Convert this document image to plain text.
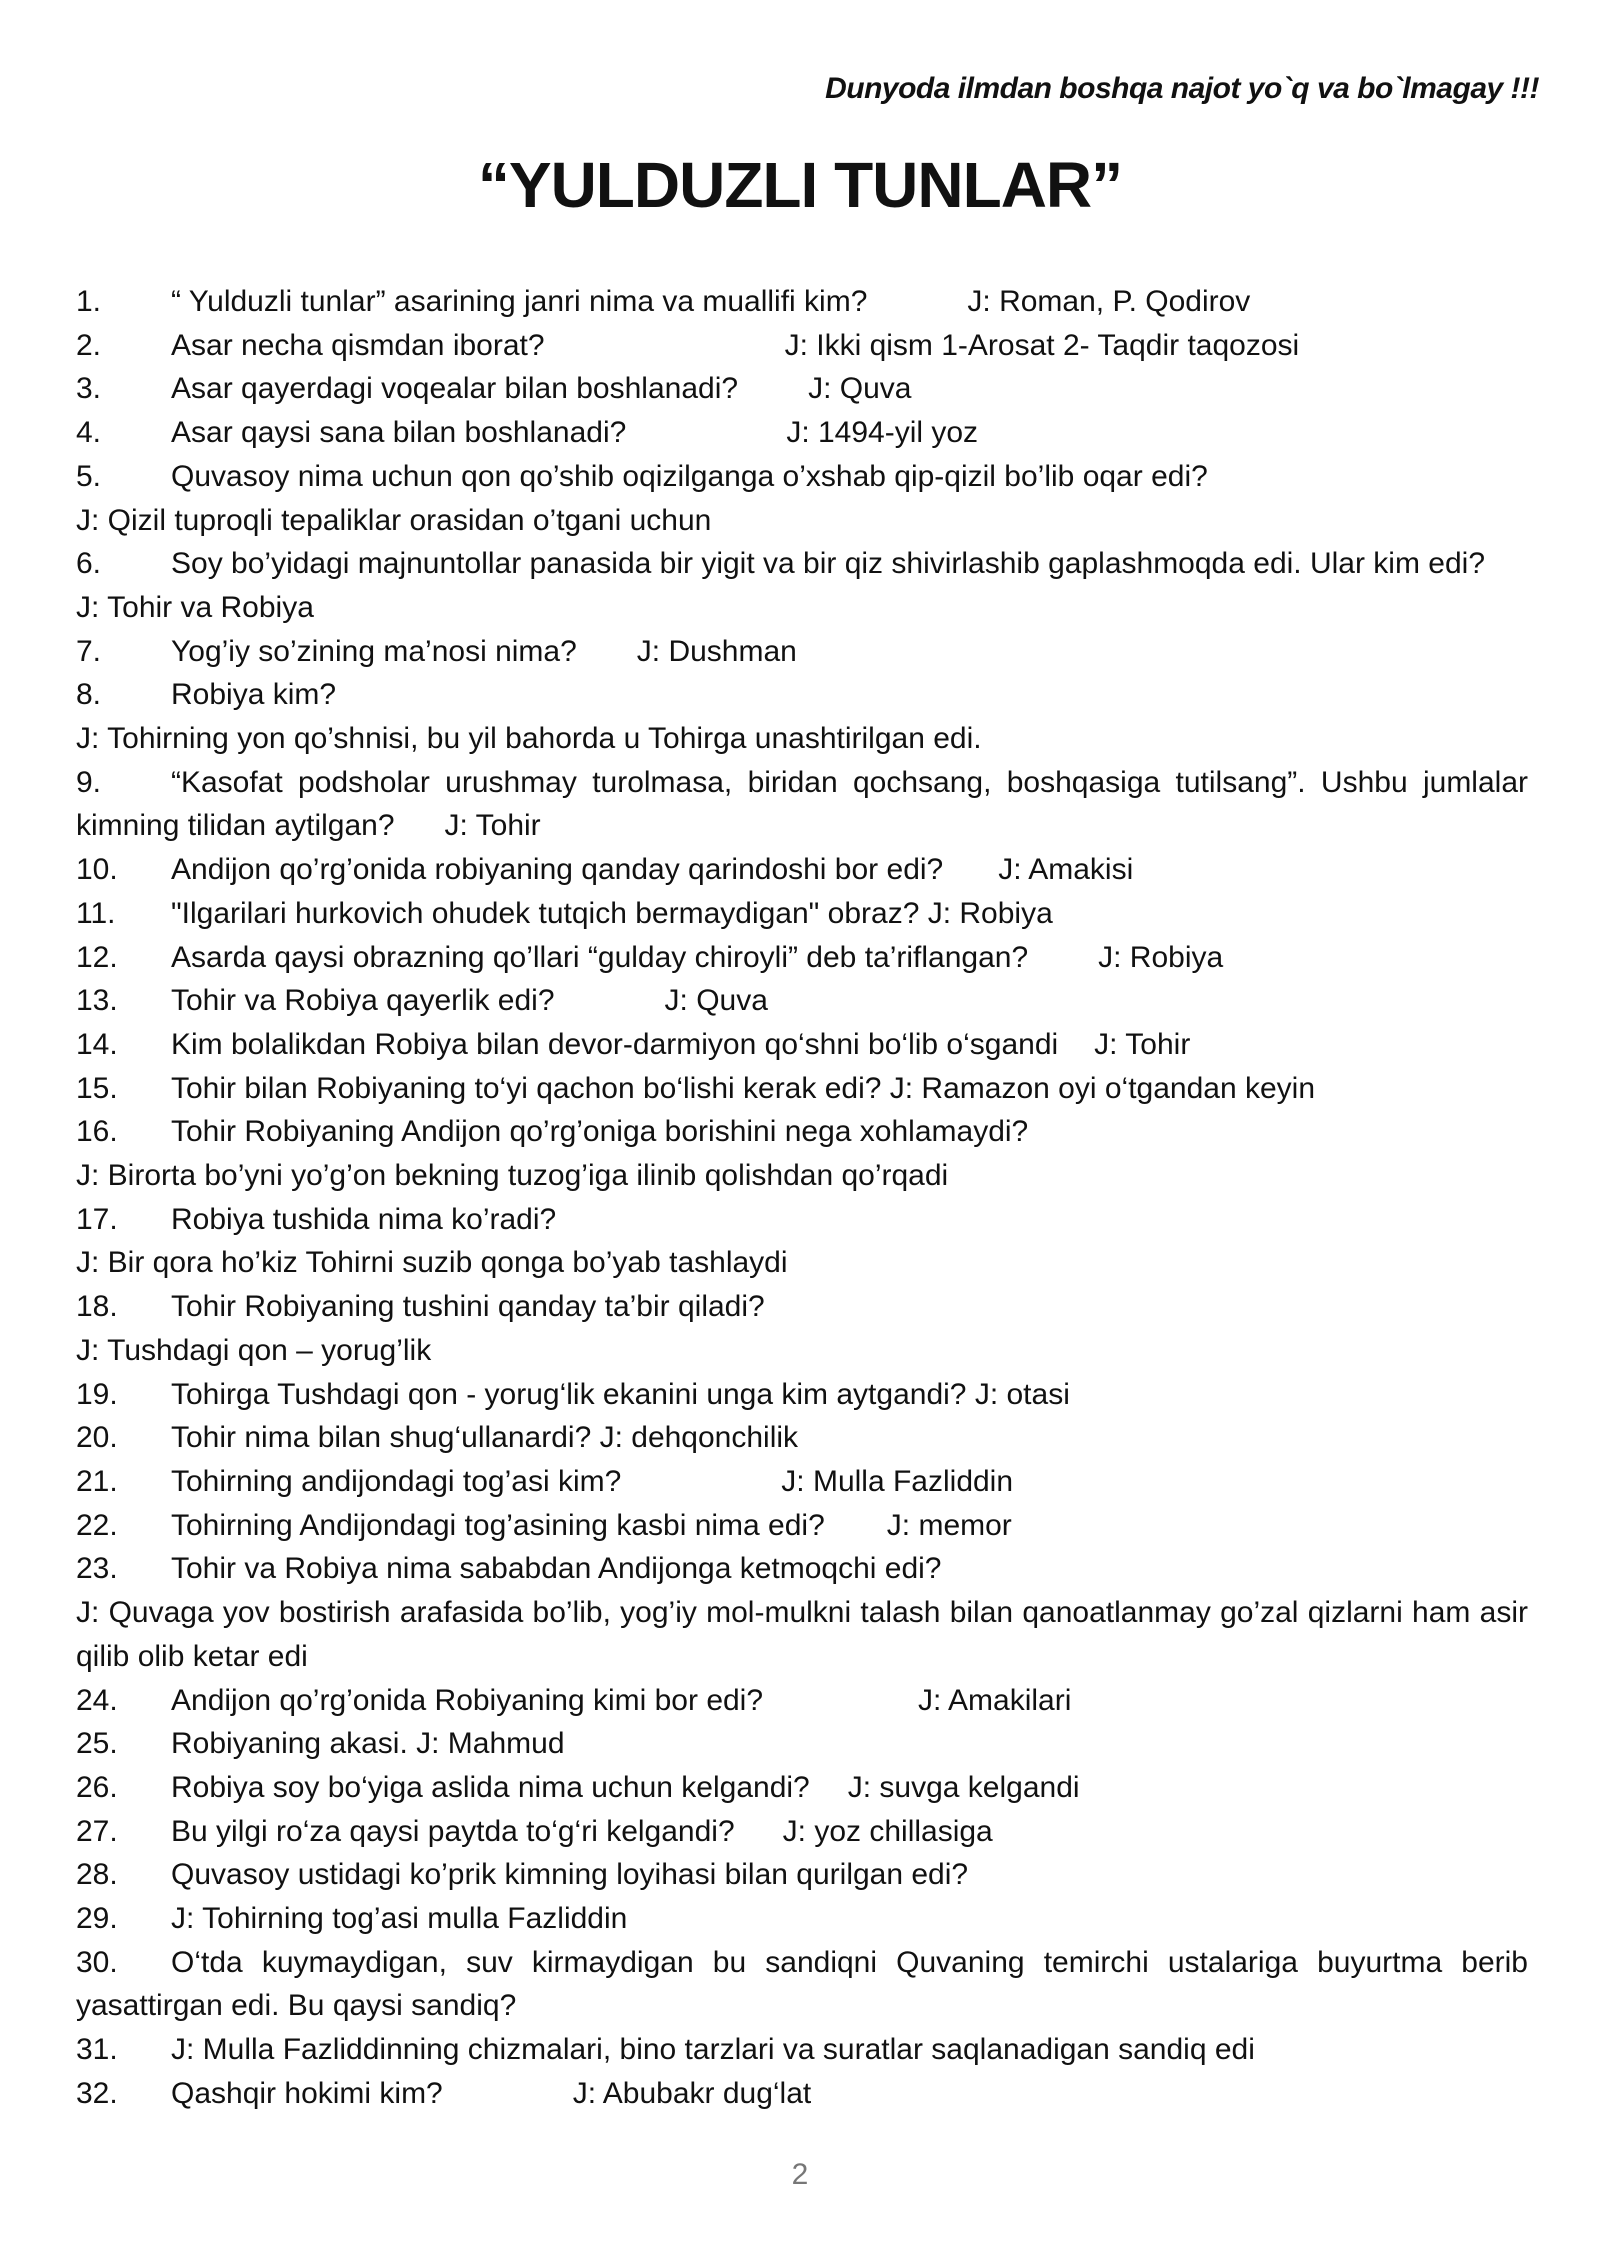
Dunyoda ilmdan boshqa najot yo`q va bo`lmagay !!!
“YULDUZLI TUNLAR”
1. “ Yulduzli tunlar” asarining janri nima va muallifi kim?	J: Roman, P. Qodirov
2. Asar necha qismdan iborat?	J: Ikki qism 1-Arosat 2- Taqdir taqozosi
3. Asar qayerdagi voqealar bilan boshlanadi? J: Quva
4. Asar qaysi sana bilan boshlanadi?	J: 1494-yil yoz
5. Quvasoy nima uchun qon qo’shib oqizilganga o’xshab qip-qizil bo’lib oqar edi?
J: Qizil tuproqli tepaliklar orasidan o’tgani uchun
6. Soy bo’yidagi majnuntollar panasida bir yigit va bir qiz shivirlashib gaplashmoqda edi. Ular kim edi?
J: Tohir va Robiya
7. Yog’iy so’zining ma’nosi nima? J: Dushman
8. Robiya kim?
J: Tohirning yon qo’shnisi, bu yil bahorda u Tohirga unashtirilgan edi.
9. “Kasofat podsholar urushmay turolmasa, biridan qochsang, boshqasiga tutilsang”. Ushbu jumlalar kimning tilidan aytilgan? J: Tohir
10. Andijon qo’rg’onida robiyaning qanday qarindoshi bor edi? J: Amakisi
11. "Ilgarilari hurkovich ohudek tutqich bermaydigan" obraz? J: Robiya
12. Asarda qaysi obrazning qo’llari “gulday chiroyli” deb ta’riflangan? J: Robiya
13. Tohir va Robiya qayerlik edi?	J: Quva
14. Kim bolalikdan Robiya bilan devor-darmiyon qo‘shni bo‘lib o‘sgandi J: Tohir
15. Tohir bilan Robiyaning to‘yi qachon bo‘lishi kerak edi? J: Ramazon oyi o‘tgandan keyin
16. Tohir Robiyaning Andijon qo’rg’oniga borishini nega xohlamaydi?
J: Birorta bo’yni yo’g’on bekning tuzog’iga ilinib qolishdan qo’rqadi
17. Robiya tushida nima ko’radi?
J: Bir qora ho’kiz Tohirni suzib qonga bo’yab tashlaydi
18. Tohir Robiyaning tushini qanday ta’bir qiladi?
J: Tushdagi qon – yorug’lik
19. Tohirga Tushdagi qon - yorug‘lik ekanini unga kim aytgandi? J: otasi
20. Tohir nima bilan shug‘ullanardi? J: dehqonchilik
21. Tohirning andijondagi tog’asi kim?	J: Mulla Fazliddin
22. Tohirning Andijondagi tog’asining kasbi nima edi? J: memor
23. Tohir va Robiya nima sababdan Andijonga ketmoqchi edi?
J: Quvaga yov bostirish arafasida bo’lib, yog’iy mol-mulkni talash bilan qanoatlanmay go’zal qizlarni ham asir qilib olib ketar edi
24. Andijon qo’rg’onida Robiyaning kimi bor edi?	J: Amakilari
25. Robiyaning akasi. J: Mahmud
26. Robiya soy bo‘yiga aslida nima uchun kelgandi? J: suvga kelgandi
27. Bu yilgi ro‘za qaysi paytda to‘g‘ri kelgandi? J: yoz chillasiga
28. Quvasoy ustidagi ko’prik kimning loyihasi bilan qurilgan edi?
29. J: Tohirning tog’asi mulla Fazliddin
30. O‘tda kuymaydigan, suv kirmaydigan bu sandiqni Quvaning temirchi ustalariga buyurtma berib yasattirgan edi. Bu qaysi sandiq?
31. J: Mulla Fazliddinning chizmalari, bino tarzlari va suratlar saqlanadigan sandiq edi
32. Qashqir hokimi kim?	J: Abubakr dug‘lat
2
